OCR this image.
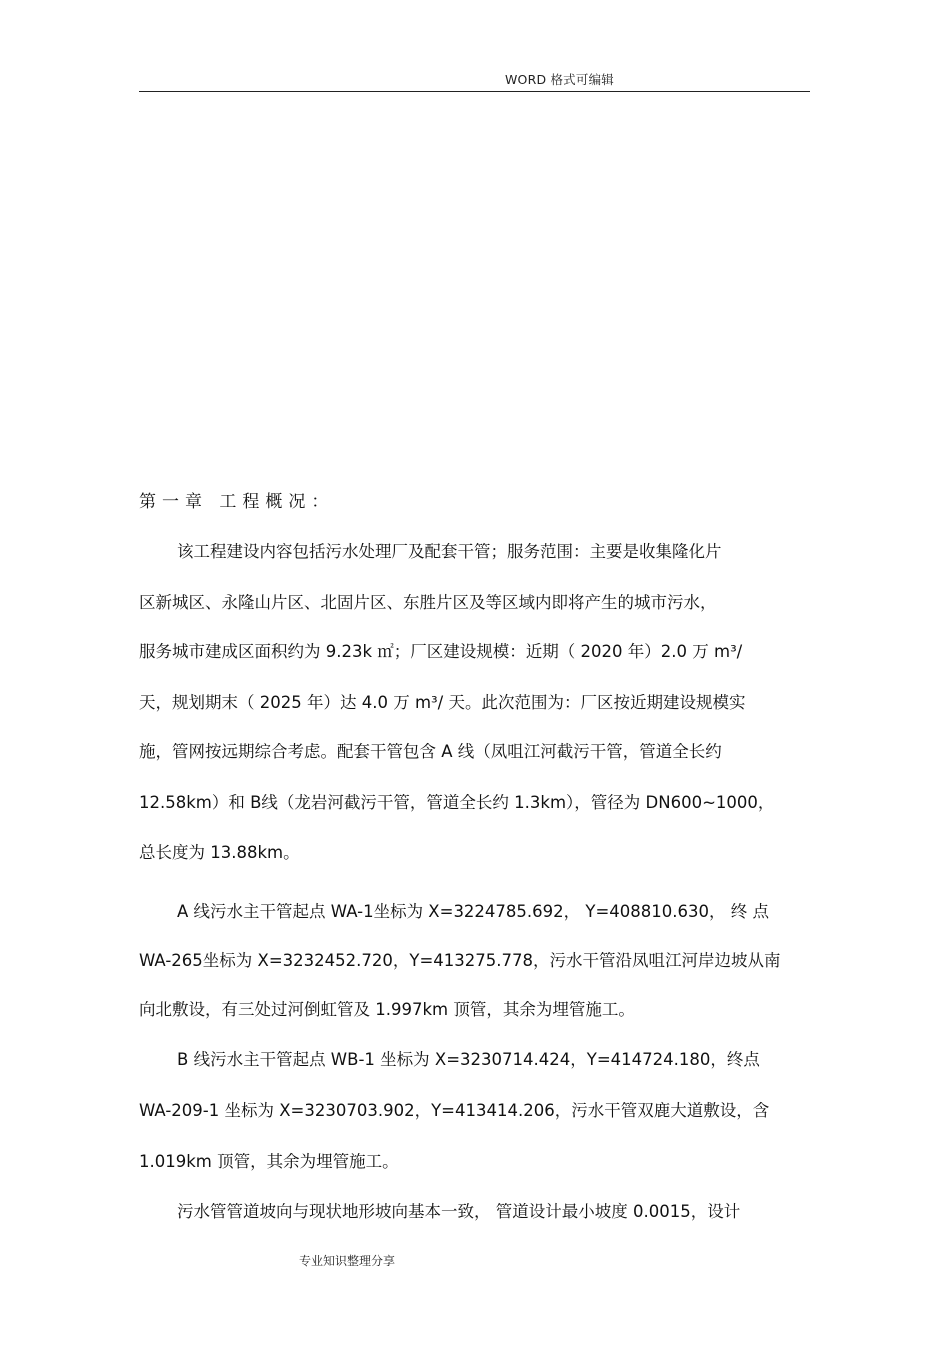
WORD 格式可编辑
第一章 工程概况：
该工程建设内容包括污水处理厂及配套干管；服务范围：主要是收集隆化片
区新城区、永隆山片区、北固片区、东胜片区及等区域内即将产生的城市污水，
服务城市建成区面积约为 9.23k ㎡；厂区建设规模：近期（ 2020 年）2.0 万 m³/
天，规划期末（ 2025 年）达 4.0 万 m³/ 天。此次范围为：厂区按近期建设规模实
施，管网按远期综合考虑。配套干管包含 A 线（凤咀江河截污干管，管道全长约
12.58km）和 B线（龙岩河截污干管，管道全长约 1.3km），管径为 DN600~1000，
总长度为 13.88km。
A 线污水主干管起点 WA-1坐标为 X=3224785.692， Y=408810.630， 终 点
WA-265坐标为 X=3232452.720，Y=413275.778，污水干管沿凤咀江河岸边坡从南
向北敷设，有三处过河倒虹管及 1.997km 顶管，其余为埋管施工。
B 线污水主干管起点 WB-1 坐标为 X=3230714.424，Y=414724.180，终点
WA-209-1 坐标为 X=3230703.902，Y=413414.206，污水干管双鹿大道敷设，含
1.019km 顶管，其余为埋管施工。
污水管管道坡向与现状地形坡向基本一致， 管道设计最小坡度 0.0015，设计
专业知识整理分享
